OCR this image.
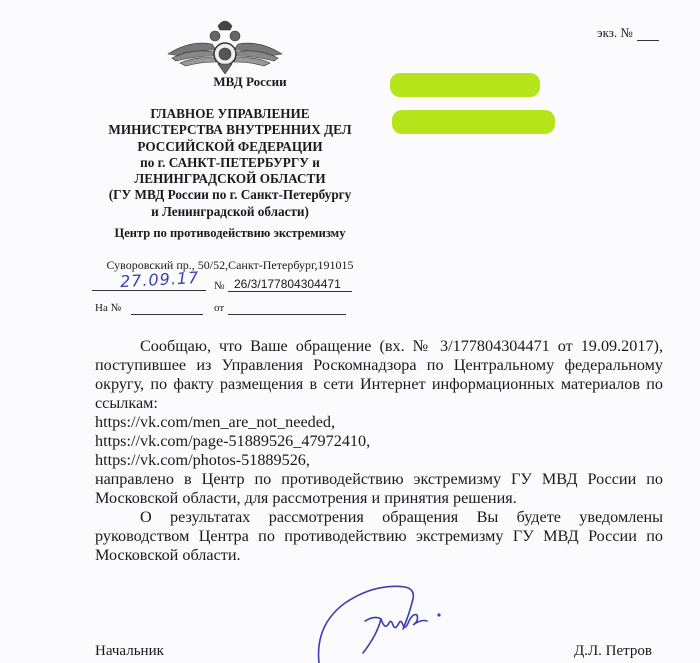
экз. №
МВД России
ГЛАВНОЕ УПРАВЛЕНИЕ
МИНИСТЕРСТВА ВНУТРЕННИХ ДЕЛ
РОССИЙСКОЙ ФЕДЕРАЦИИ
по г. САНКТ-ПЕТЕРБУРГУ и
ЛЕНИНГРАДСКОЙ ОБЛАСТИ
(ГУ МВД России по г. Санкт-Петербургу
и Ленинградской области)
Центр по противодействию экстремизму
Суворовский пр., 50/52,Санкт-Петербург,191015
27.09.17 № 26/3/177804304471
На №	от
Сообщаю, что Ваше обращение (вх. № 3/177804304471 от 19.09.2017),
поступившее из Управления Роскомнадзора по Центральному федеральному
округу, по факту размещения в сети Интернет информационных материалов по
ссылкам:
https://vk.com/men_are_not_needed,
https://vk.com/page-51889526_47972410,
https://vk.com/photos-51889526,
направлено в Центр по противодействию экстремизму ГУ МВД России по
Московской области, для рассмотрения и принятия решения.
О результатах рассмотрения обращения Вы будете уведомлены
руководством Центра по противодействию экстремизму ГУ МВД России по
Московской области.
Начальник	Д.Л. Петров
